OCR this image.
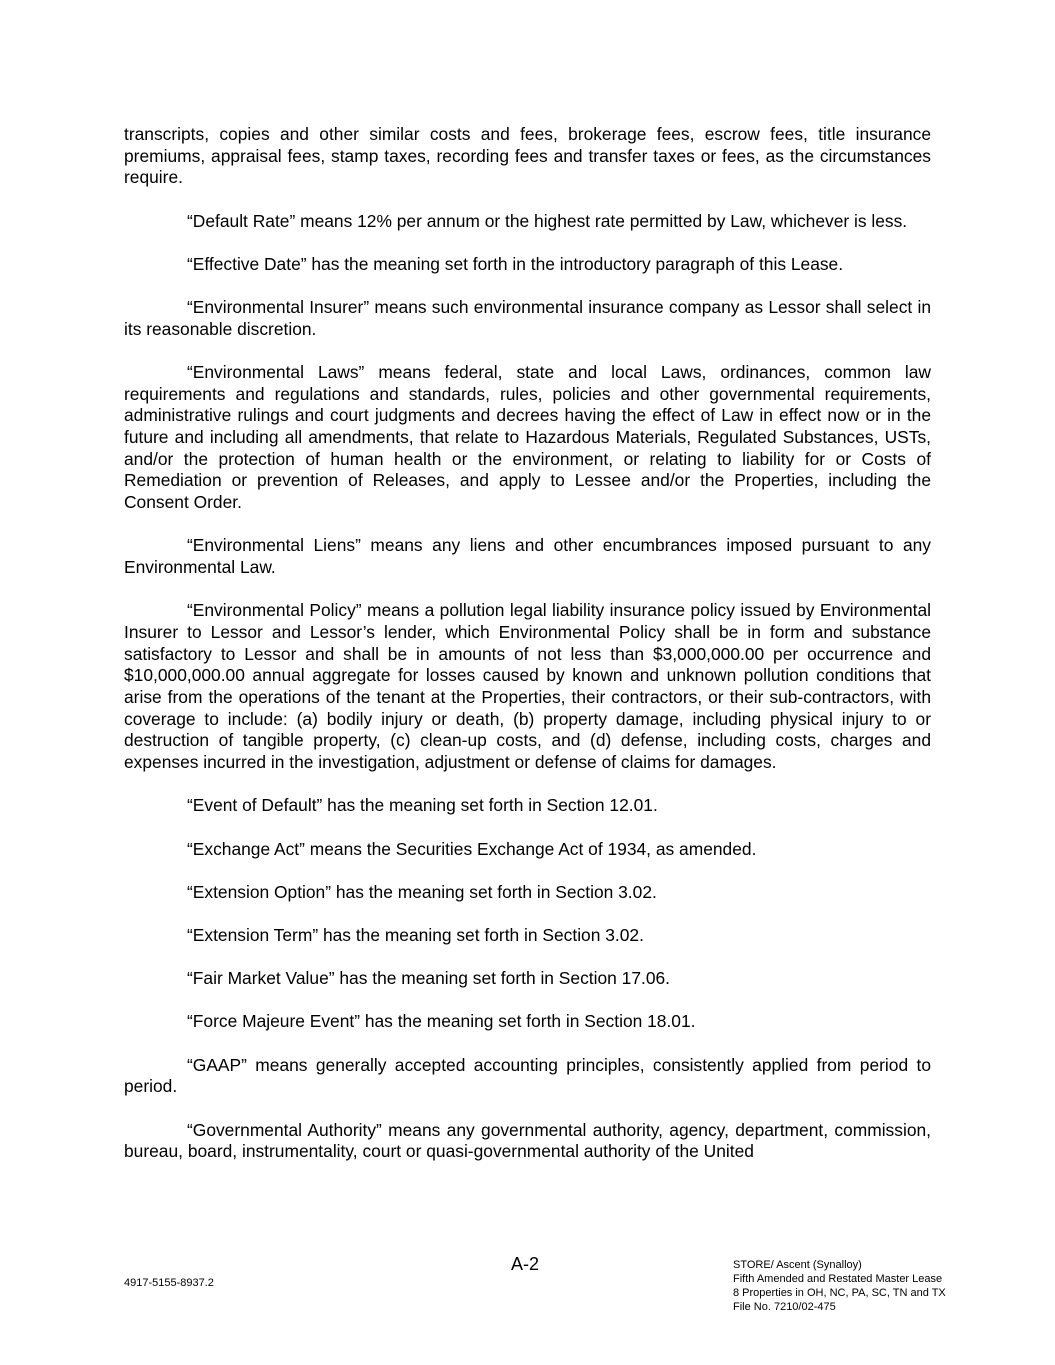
transcripts, copies and other similar costs and fees, brokerage fees, escrow fees, title insurance premiums, appraisal fees, stamp taxes, recording fees and transfer taxes or fees, as the circumstances require.

“Default Rate” means 12% per annum or the highest rate permitted by Law, whichever is less.

“Effective Date” has the meaning set forth in the introductory paragraph of this Lease.

“Environmental Insurer” means such environmental insurance company as Lessor shall select in its reasonable discretion.

“Environmental Laws” means federal, state and local Laws, ordinances, common law requirements and regulations and standards, rules, policies and other governmental requirements, administrative rulings and court judgments and decrees having the effect of Law in effect now or in the future and including all amendments, that relate to Hazardous Materials, Regulated Substances, USTs, and/or the protection of human health or the environment, or relating to liability for or Costs of Remediation or prevention of Releases, and apply to Lessee and/or the Properties, including the Consent Order.

“Environmental Liens” means any liens and other encumbrances imposed pursuant to any Environmental Law.

“Environmental Policy” means a pollution legal liability insurance policy issued by Environmental Insurer to Lessor and Lessor’s lender, which Environmental Policy shall be in form and substance satisfactory to Lessor and shall be in amounts of not less than $3,000,000.00 per occurrence and $10,000,000.00 annual aggregate for losses caused by known and unknown pollution conditions that arise from the operations of the tenant at the Properties, their contractors, or their sub-contractors, with coverage to include: (a) bodily injury or death, (b) property damage, including physical injury to or destruction of tangible property, (c) clean-up costs, and (d) defense, including costs, charges and expenses incurred in the investigation, adjustment or defense of claims for damages.

“Event of Default” has the meaning set forth in Section 12.01.

“Exchange Act” means the Securities Exchange Act of 1934, as amended.

“Extension Option” has the meaning set forth in Section 3.02.

“Extension Term” has the meaning set forth in Section 3.02.

“Fair Market Value” has the meaning set forth in Section 17.06.

“Force Majeure Event” has the meaning set forth in Section 18.01.

“GAAP” means generally accepted accounting principles, consistently applied from period to period.

“Governmental Authority” means any governmental authority, agency, department, commission, bureau, board, instrumentality, court or quasi-governmental authority of the United

A-2
4917-5155-8937.2
STORE/ Ascent (Synalloy)
Fifth Amended and Restated Master Lease
8 Properties in OH, NC, PA, SC, TN and TX
File No. 7210/02-475
